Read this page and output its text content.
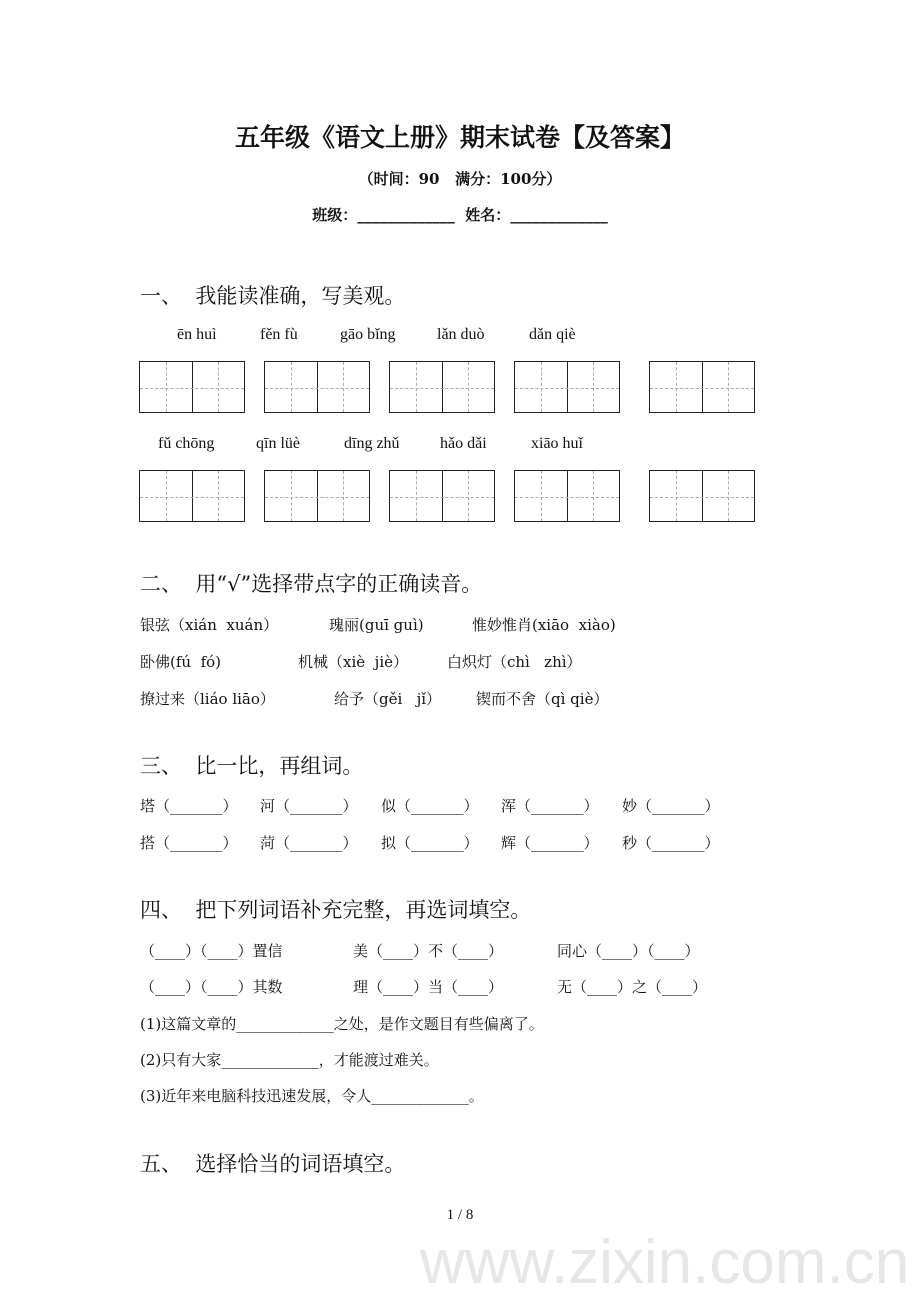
www.zixin.com.cn
五年级《语文上册》期末试卷【及答案】
（时间：90   满分：100分）
班级：_____________  姓名：_____________
一、  我能读准确，写美观。
ēn huì	fěn fù	gāo bǐng	lǎn duò	dǎn qiè
fǔ chōng	qīn lüè	dīng zhǔ	hǎo dǎi	xiāo huǐ
二、  用“√”选择带点字的正确读音。
银弦（xián  xuán）	瑰丽(guī guì)	惟妙惟肖(xiāo  xiào)
卧佛(fú  fó)	机械（xiè  jiè）	白炽灯（chì   zhì）
撩过来（liáo liāo）	给予（gěi   jǐ） 锲而不舍（qì qiè）
三、  比一比，再组词。
塔（_______） 河（_______） 似（_______） 浑（_______） 妙（_______）
搭（_______） 菏（_______） 拟（_______） 辉（_______） 秒（_______）
四、  把下列词语补充完整，再选词填空。
（____）（____）置信	美（____）不（____）	同心（____）（____）
（____）（____）其数	理（____）当（____）	无（____）之（____）
(1)这篇文章的_____________之处，是作文题目有些偏离了。
(2)只有大家_____________，才能渡过难关。
(3)近年来电脑科技迅速发展，令人_____________。
五、  选择恰当的词语填空。
1 / 8
